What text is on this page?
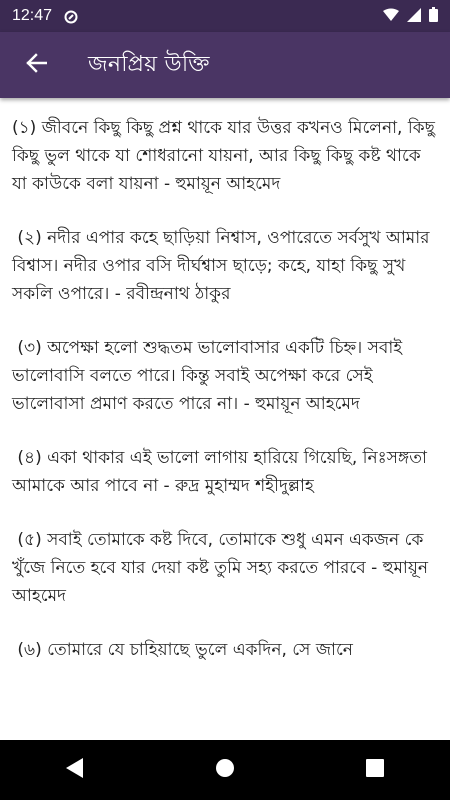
12:47
জনপ্রিয় উক্তি

(১) জীবনে কিছু কিছু প্রশ্ন থাকে যার উত্তর কখনও মিলেনা, কিছু কিছু ভুল থাকে যা শোধরানো যায়না, আর কিছু কিছু কষ্ট থাকে যা কাউকে বলা যায়না - হুমায়ূন আহমেদ

(২) নদীর এপার কহে ছাড়িয়া নিশ্বাস, ওপারেতে সর্বসুখ আমার বিশ্বাস। নদীর ওপার বসি দীর্ঘশ্বাস ছাড়ে; কহে, যাহা কিছু সুখ সকলি ওপারে। - রবীন্দ্রনাথ ঠাকুর

(৩) অপেক্ষা হলো শুদ্ধতম ভালোবাসার একটি চিহ্ন। সবাই ভালোবাসি বলতে পারে। কিন্তু সবাই অপেক্ষা করে সেই ভালোবাসা প্রমাণ করতে পারে না। - হুমায়ূন আহমেদ

(৪) একা থাকার এই ভালো লাগায় হারিয়ে গিয়েছি, নিঃসঙ্গতা আমাকে আর পাবে না - রুদ্র মুহাম্মদ শহীদুল্লাহ

(৫) সবাই তোমাকে কষ্ট দিবে, তোমাকে শুধু এমন একজন কে খুঁজে নিতে হবে যার দেয়া কষ্ট তুমি সহ্য করতে পারবে - হুমায়ূন আহমেদ

(৬) তোমারে যে চাহিয়াছে ভুলে একদিন, সে জানে
